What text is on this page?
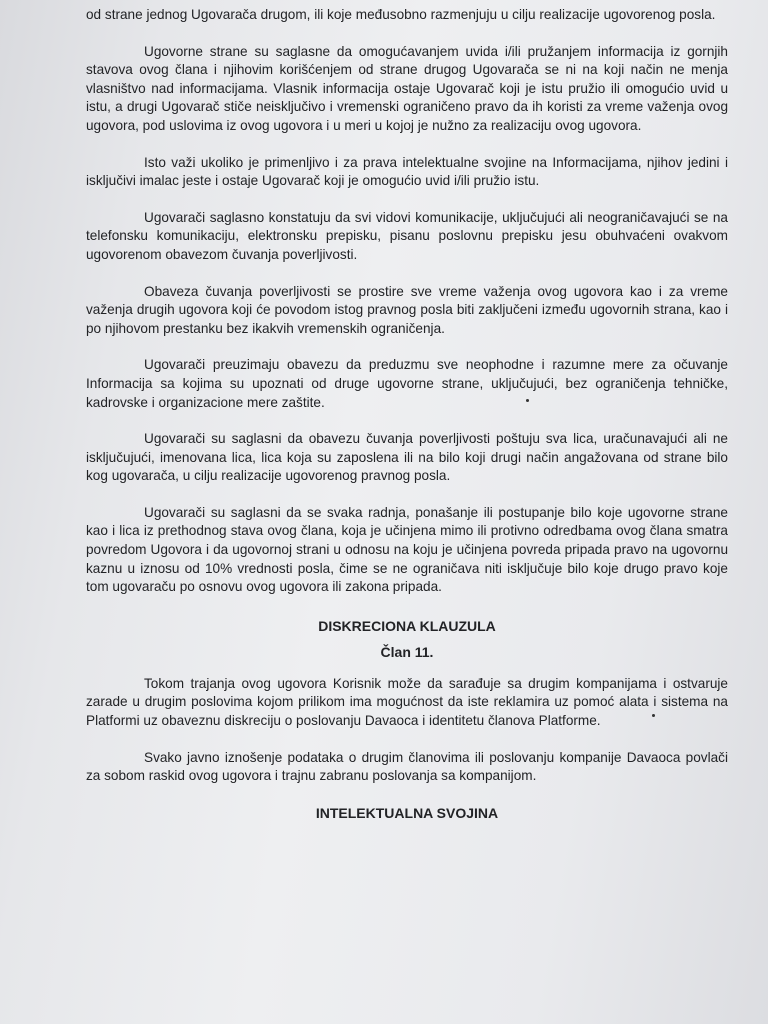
od strane jednog Ugovarača drugom, ili koje međusobno razmenjuju u cilju realizacije ugovorenog posla.

Ugovorne strane su saglasne da omogućavanjem uvida i/ili pružanjem informacija iz gornjih stavova ovog člana i njihovim korišćenjem od strane drugog Ugovarača se ni na koji način ne menja vlasništvo nad informacijama. Vlasnik informacija ostaje Ugovarač koji je istu pružio ili omogućio uvid u istu, a drugi Ugovarač stiče neisključivo i vremenski ograničeno pravo da ih koristi za vreme važenja ovog ugovora, pod uslovima iz ovog ugovora i u meri u kojoj je nužno za realizaciju ovog ugovora.

Isto važi ukoliko je primenljivo i za prava intelektualne svojine na Informacijama, njihov jedini i isključivi imalac jeste i ostaje Ugovarač koji je omogućio uvid i/ili pružio istu.

Ugovarači saglasno konstatuju da svi vidovi komunikacije, uključujući ali neograničavajući se na telefonsku komunikaciju, elektronsku prepisku, pisanu poslovnu prepisku jesu obuhvaćeni ovakvom ugovorenom obavezom čuvanja poverljivosti.

Obaveza čuvanja poverljivosti se prostire sve vreme važenja ovog ugovora kao i za vreme važenja drugih ugovora koji će povodom istog pravnog posla biti zaključeni između ugovornih strana, kao i po njihovom prestanku bez ikakvih vremenskih ograničenja.

Ugovarači preuzimaju obavezu da preduzmu sve neophodne i razumne mere za očuvanje Informacija sa kojima su upoznati od druge ugovorne strane, uključujući, bez ograničenja tehničke, kadrovske i organizacione mere zaštite.

Ugovarači su saglasni da obavezu čuvanja poverljivosti poštuju sva lica, uračunavajući ali ne isključujući, imenovana lica, lica koja su zaposlena ili na bilo koji drugi način angažovana od strane bilo kog ugovarača, u cilju realizacije ugovorenog pravnog posla.

Ugovarači su saglasni da se svaka radnja, ponašanje ili postupanje bilo koje ugovorne strane kao i lica iz prethodnog stava ovog člana, koja je učinjena mimo ili protivno odredbama ovog člana smatra povredom Ugovora i da ugovornoj strani u odnosu na koju je učinjena povreda pripada pravo na ugovornu kaznu u iznosu od 10% vrednosti posla, čime se ne ograničava niti isključuje bilo koje drugo pravo koje tom ugovaraču po osnovu ovog ugovora ili zakona pripada.

DISKRECIONA KLAUZULA
Član 11.

Tokom trajanja ovog ugovora Korisnik može da sarađuje sa drugim kompanijama i ostvaruje zarade u drugim poslovima kojom prilikom ima mogućnost da iste reklamira uz pomoć alata i sistema na Platformi uz obaveznu diskreciju o poslovanju Davaoca i identitetu članova Platforme.

Svako javno iznošenje podataka o drugim članovima ili poslovanju kompanije Davaoca povlači za sobom raskid ovog ugovora i trajnu zabranu poslovanja sa kompanijom.

INTELEKTUALNA SVOJINA
